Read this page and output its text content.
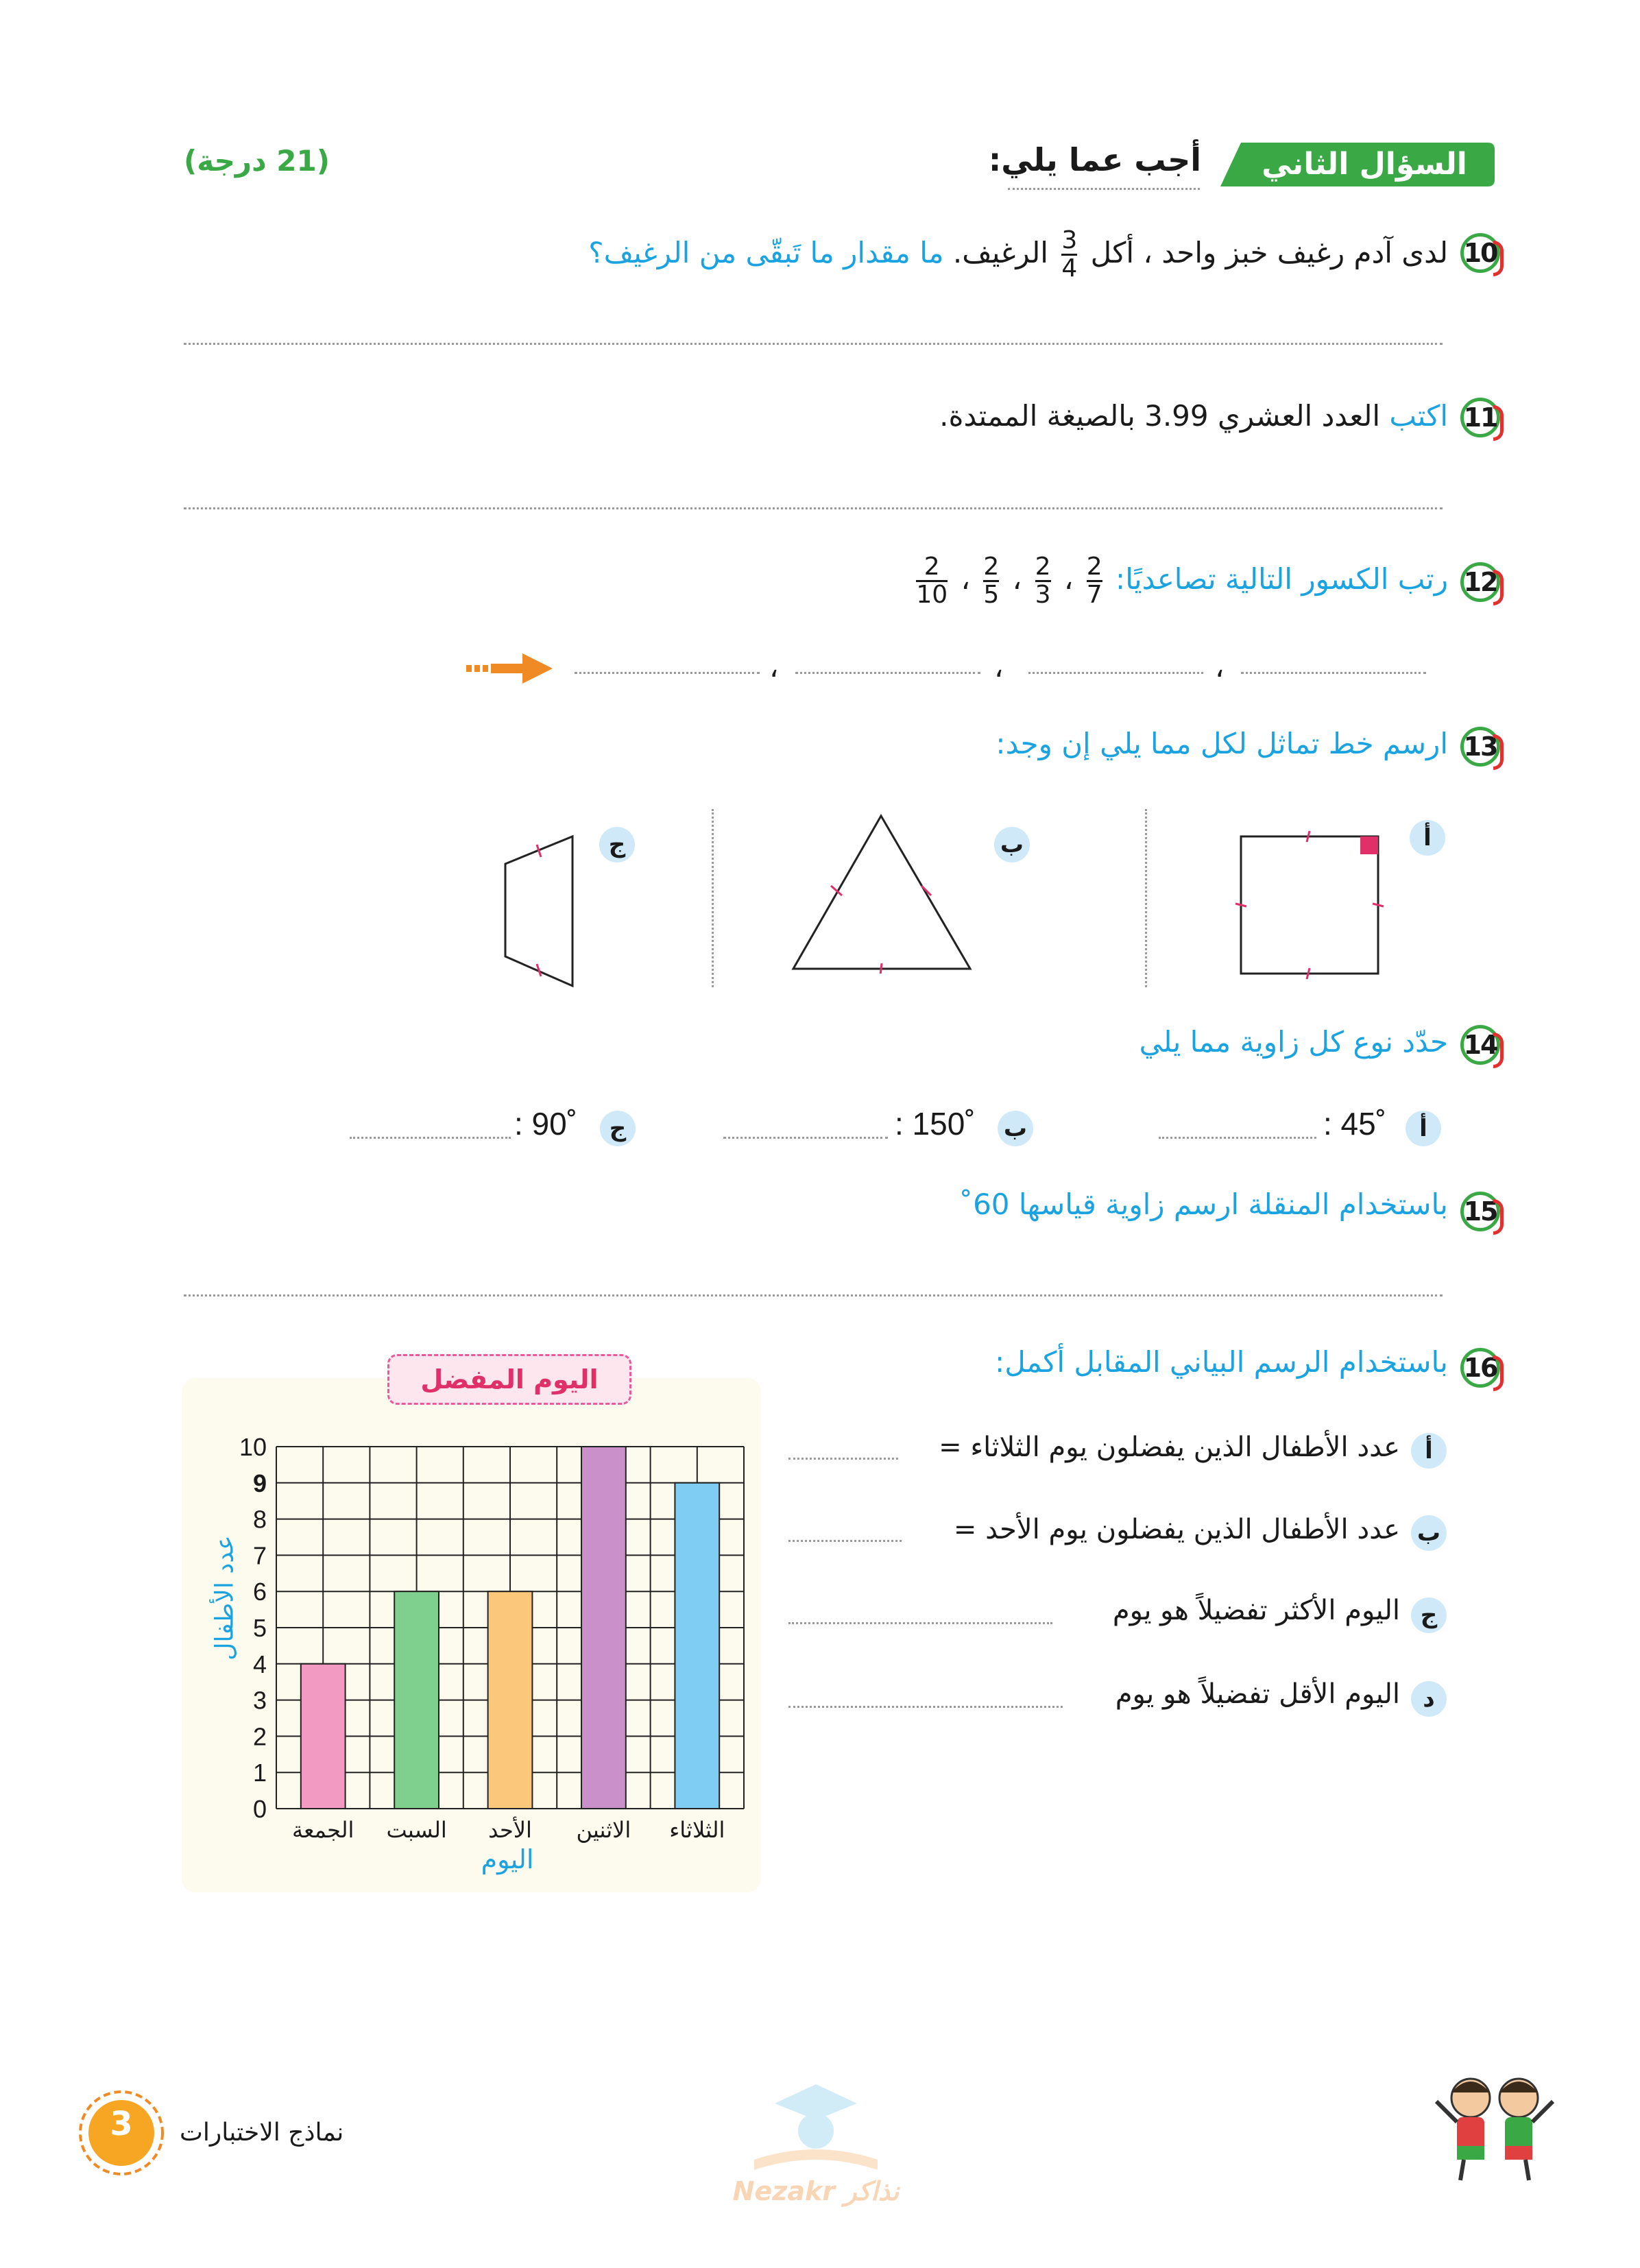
السؤال الثاني
أجب عما يلي:
(21 درجة)
10
لدى آدم رغيف خبز واحد ، أكل
$\frac{3}{4}$
الرغيف. ما مقدار ما تَبقّى من الرغيف؟
11
اكتب العدد العشري 3.99 بالصيغة الممتدة.
12
رتب الكسور التالية تصاعديًا:
$\frac{2}{7}$
،
$\frac{2}{3}$
،
$\frac{2}{5}$
،
$\frac{2}{10}$
،
،
،
13
ارسم خط تماثل لكل مما يلي إن وجد:
أ
ب
ج
14
حدّد نوع كل زاوية مما يلي
أ
: 45˚
ب
: 150˚
ج
: 90˚
15
باستخدام المنقلة ارسم زاوية قياسها 60˚
16
باستخدام الرسم البياني المقابل أكمل:
أ
عدد الأطفال الذين يفضلون يوم الثلاثاء =
ب
عدد الأطفال الذين يفضلون يوم الأحد =
ج
اليوم الأكثر تفضيلاً هو يوم
د
اليوم الأقل تفضيلاً هو يوم
اليوم المفضل
0
1
2
3
4
5
6
7
8
9
10
الجمعة السبت الأحد الاثنين الثلاثاء
عدد الأطفال
اليوم
3	نماذج الاختبارات
Nezakr نذاكر
